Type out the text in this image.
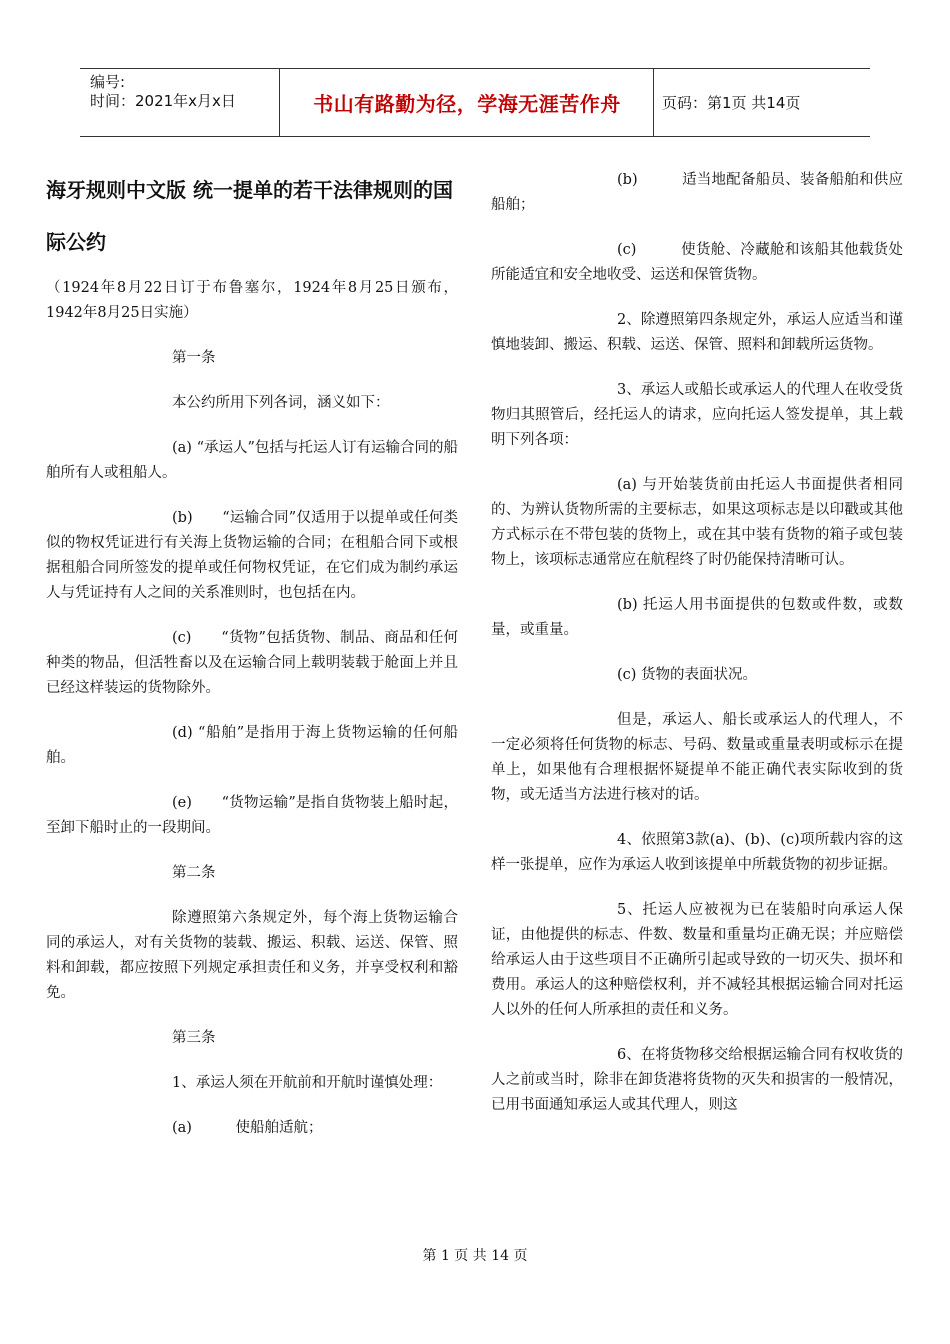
编号:
时间：2021年x月x日	书山有路勤为径，学海无涯苦作舟	页码：第1页 共14页
海牙规则中文版 统一提单的若干法律规则的国际公约

（1924年8月22日订于布鲁塞尔，1924年8月25日颁布，1942年8月25日实施）

第一条

本公约所用下列各词，涵义如下：

(a) “承运人”包括与托运人订有运输合同的船舶所有人或租船人。

(b)　　“运输合同”仅适用于以提单或任何类似的物权凭证进行有关海上货物运输的合同；在租船合同下或根据租船合同所签发的提单或任何物权凭证，在它们成为制约承运人与凭证持有人之间的关系准则时，也包括在内。

(c)　　“货物”包括货物、制品、商品和任何种类的物品，但活牲畜以及在运输合同上载明装载于舱面上并且已经这样装运的货物除外。

(d) “船舶”是指用于海上货物运输的任何船舶。

(e)　　“货物运输”是指自货物装上船时起，至卸下船时止的一段期间。

第二条

除遵照第六条规定外，每个海上货物运输合同的承运人，对有关货物的装载、搬运、积载、运送、保管、照料和卸载，都应按照下列规定承担责任和义务，并享受权利和豁免。

第三条

1、承运人须在开航前和开航时谨慎处理：

(a)　　　使船舶适航；

(b)　　　适当地配备船员、装备船舶和供应船舶；

(c)　　　使货舱、冷藏舱和该船其他载货处所能适宜和安全地收受、运送和保管货物。

2、除遵照第四条规定外，承运人应适当和谨慎地装卸、搬运、积载、运送、保管、照料和卸载所运货物。

3、承运人或船长或承运人的代理人在收受货物归其照管后，经托运人的请求，应向托运人签发提单，其上载明下列各项：

(a) 与开始装货前由托运人书面提供者相同的、为辨认货物所需的主要标志，如果这项标志是以印戳或其他方式标示在不带包装的货物上，或在其中装有货物的箱子或包装物上，该项标志通常应在航程终了时仍能保持清晰可认。

(b) 托运人用书面提供的包数或件数，或数量，或重量。

(c) 货物的表面状况。

但是，承运人、船长或承运人的代理人，不一定必须将任何货物的标志、号码、数量或重量表明或标示在提单上，如果他有合理根据怀疑提单不能正确代表实际收到的货物，或无适当方法进行核对的话。

4、依照第3款(a)、(b)、(c)项所载内容的这样一张提单，应作为承运人收到该提单中所载货物的初步证据。

5、托运人应被视为已在装船时向承运人保证，由他提供的标志、件数、数量和重量均正确无误；并应赔偿给承运人由于这些项目不正确所引起或导致的一切灭失、损坏和费用。承运人的这种赔偿权利，并不减轻其根据运输合同对托运人以外的任何人所承担的责任和义务。

6、在将货物移交给根据运输合同有权收货的人之前或当时，除非在卸货港将货物的灭失和损害的一般情况，已用书面通知承运人或其代理人，则这

第 1 页 共 14 页
